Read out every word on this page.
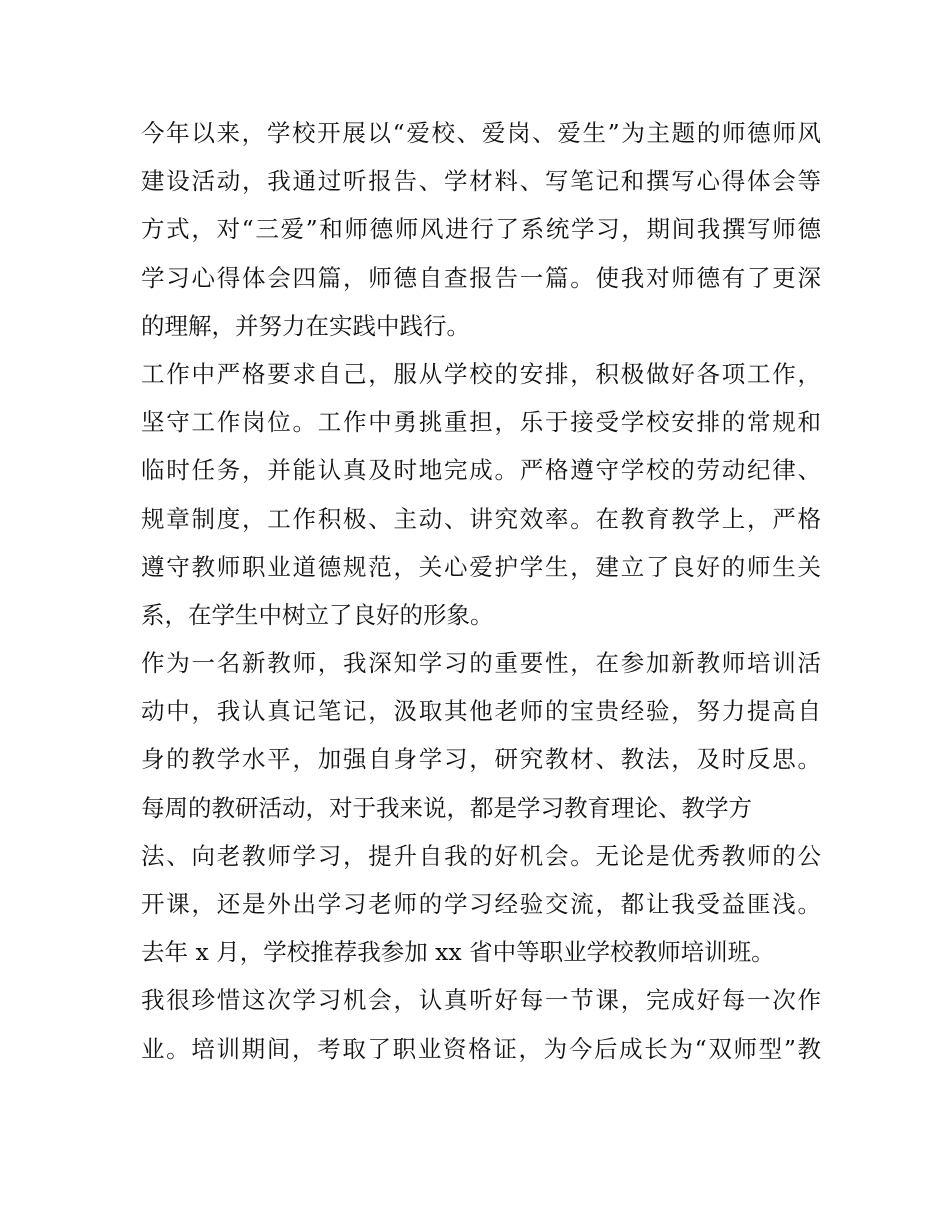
今年以来，学校开展以“爱校、爱岗、爱生”为主题的师德师风
建设活动，我通过听报告、学材料、写笔记和撰写心得体会等
方式，对“三爱”和师德师风进行了系统学习，期间我撰写师德
学习心得体会四篇，师德自查报告一篇。使我对师德有了更深
的理解，并努力在实践中践行。
工作中严格要求自己，服从学校的安排，积极做好各项工作，
坚守工作岗位。工作中勇挑重担，乐于接受学校安排的常规和
临时任务，并能认真及时地完成。严格遵守学校的劳动纪律、
规章制度，工作积极、主动、讲究效率。在教育教学上，严格
遵守教师职业道德规范，关心爱护学生，建立了良好的师生关
系，在学生中树立了良好的形象。
作为一名新教师，我深知学习的重要性，在参加新教师培训活
动中，我认真记笔记，汲取其他老师的宝贵经验，努力提高自
身的教学水平，加强自身学习，研究教材、教法，及时反思。
每周的教研活动，对于我来说，都是学习教育理论、教学方
法、向老教师学习，提升自我的好机会。无论是优秀教师的公
开课，还是外出学习老师的学习经验交流，都让我受益匪浅。
去年 x 月，学校推荐我参加 xx 省中等职业学校教师培训班。
我很珍惜这次学习机会，认真听好每一节课，完成好每一次作
业。培训期间，考取了职业资格证，为今后成长为“双师型”教
